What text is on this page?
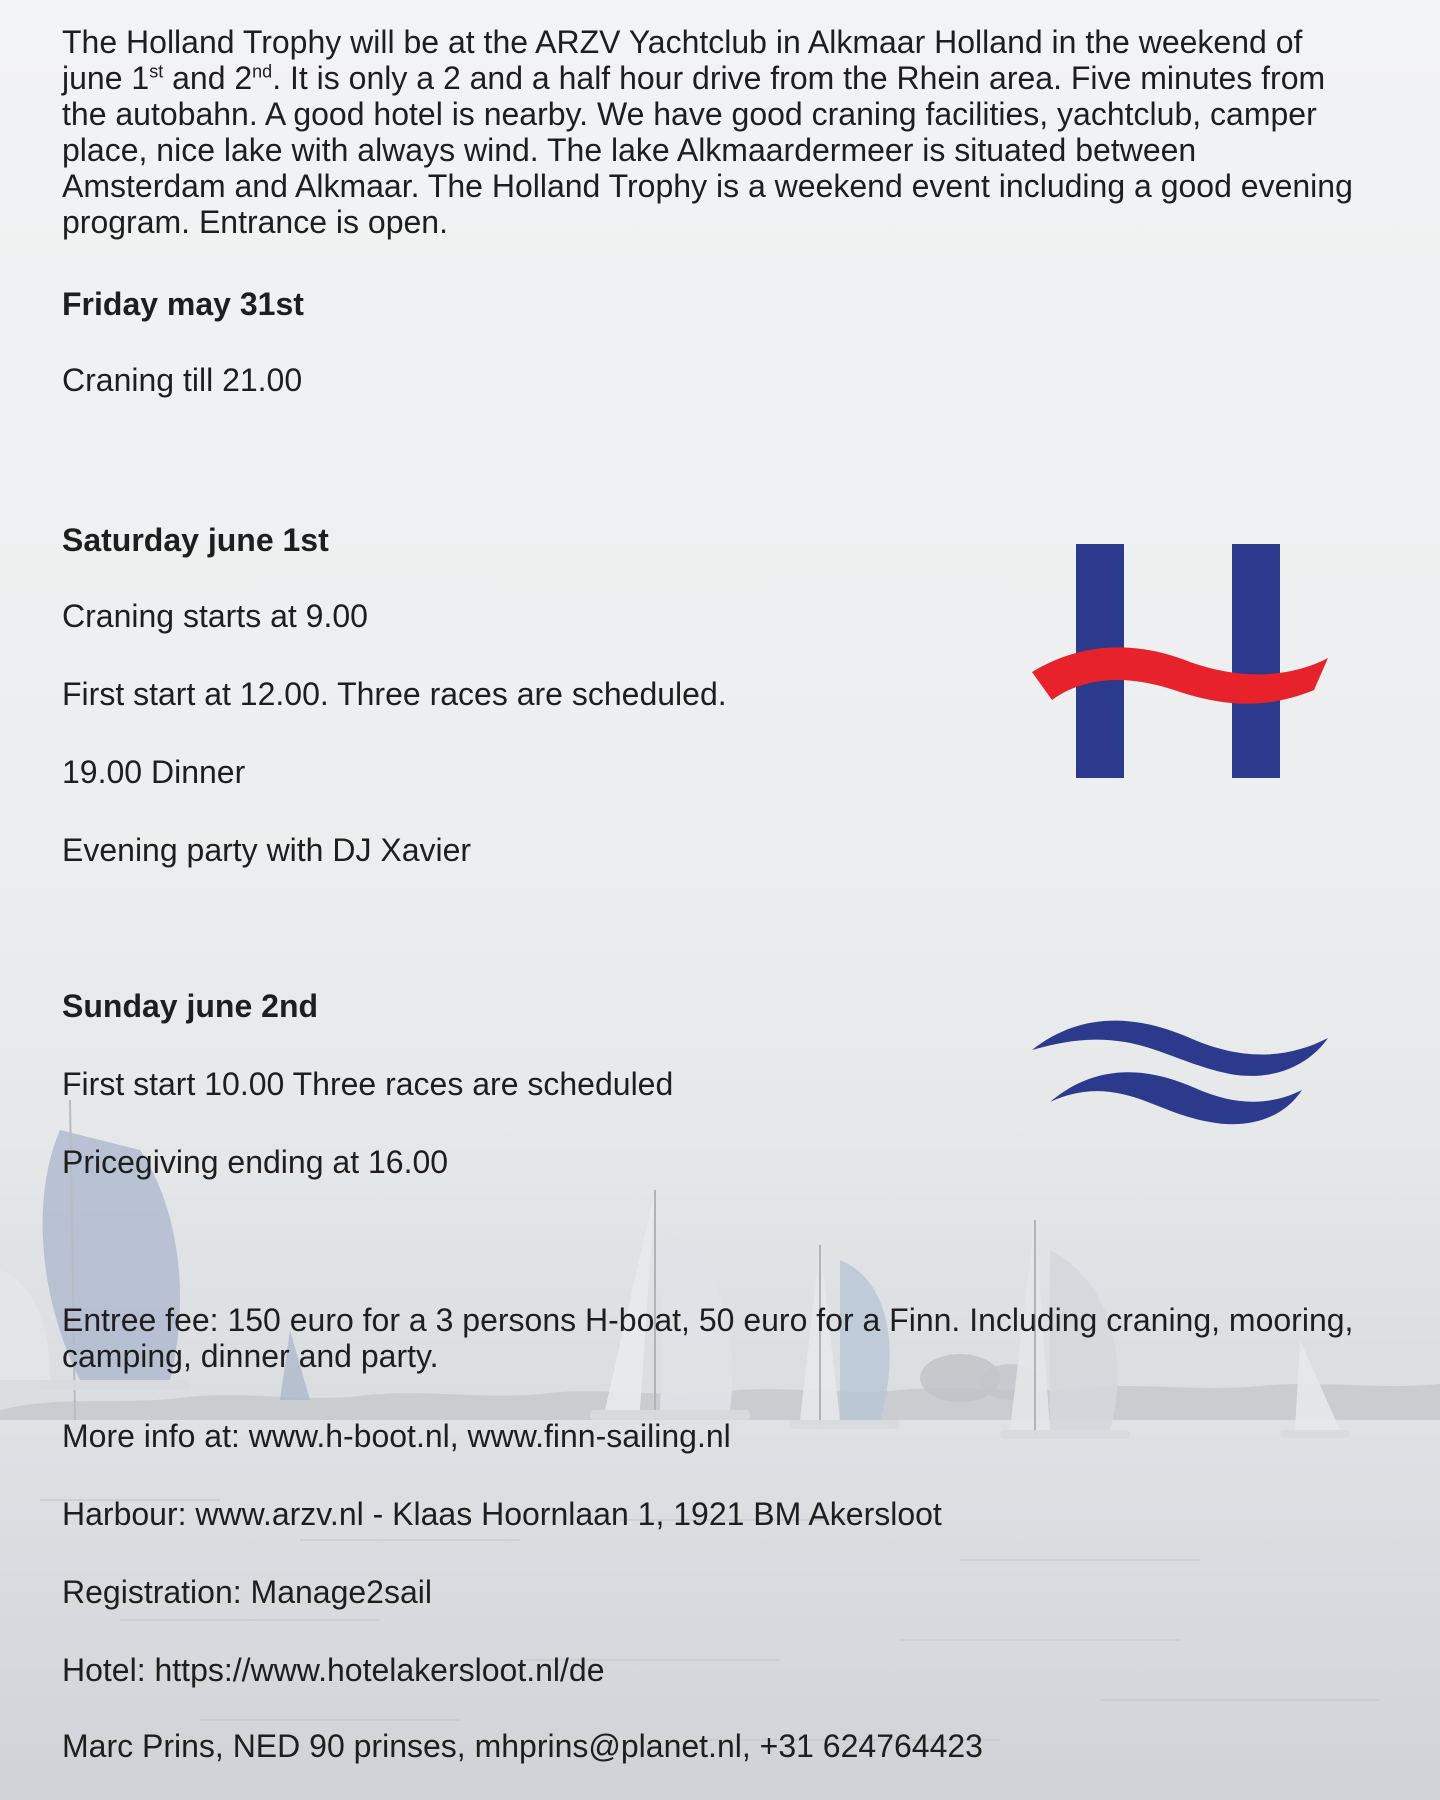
The Holland Trophy will be at the ARZV Yachtclub in Alkmaar Holland in the weekend of june 1st and 2nd. It is only a 2 and a half hour drive from the Rhein area. Five minutes from the autobahn. A good hotel is nearby. We have good craning facilities, yachtclub, camper place, nice lake with always wind. The lake Alkmaardermeer is situated between Amsterdam and Alkmaar. The Holland Trophy is a weekend event including a good evening program. Entrance is open.

Friday may 31st

Craning till 21.00

Saturday june 1st

Craning starts at 9.00

First start at 12.00. Three races are scheduled.

19.00 Dinner

Evening party with DJ Xavier

Sunday june 2nd

First start 10.00 Three races are scheduled

Pricegiving ending at 16.00

Entree fee: 150 euro for a 3 persons H-boat, 50 euro for a Finn. Including craning, mooring, camping, dinner and party.

More info at: www.h-boot.nl, www.finn-sailing.nl

Harbour: www.arzv.nl - Klaas Hoornlaan 1, 1921 BM Akersloot

Registration: Manage2sail

Hotel: https://www.hotelakersloot.nl/de

Marc Prins, NED 90 prinses, mhprins@planet.nl, +31 624764423
